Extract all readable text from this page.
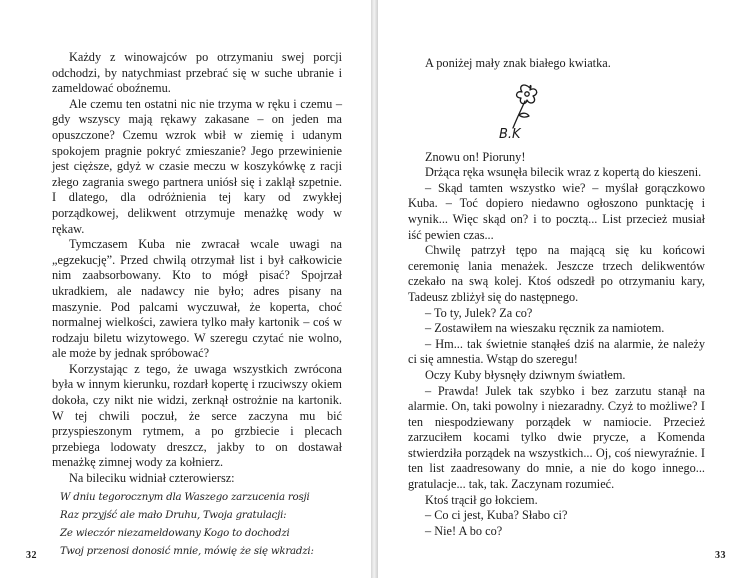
Każdy z winowajców po otrzymaniu swej porcji odchodzi, by natychmiast przebrać się w suche ubranie i zameldować oboźnemu.

Ale czemu ten ostatni nic nie trzyma w ręku i czemu – gdy wszyscy mają rękawy zakasane – on jeden ma opuszczone? Czemu wzrok wbił w ziemię i udanym spokojem pragnie pokryć zmieszanie? Jego przewinienie jest cięższe, gdyż w czasie meczu w koszykówkę z racji złego zagrania swego partnera uniósł się i zaklął szpetnie. I dlatego, dla odróżnienia tej kary od zwykłej porządkowej, delikwent otrzymuje menażkę wody w rękaw.

Tymczasem Kuba nie zwracał wcale uwagi na „egzekucję”. Przed chwilą otrzymał list i był całkowicie nim zaabsorbowany. Kto to mógł pisać? Spojrzał ukradkiem, ale nadawcy nie było; adres pisany na maszynie. Pod palcami wyczuwał, że koperta, choć normalnej wielkości, zawiera tylko mały kartonik – coś w rodzaju biletu wizytowego. W szeregu czytać nie wolno, ale może by jednak spróbować?

Korzystając z tego, że uwaga wszystkich zwrócona była w innym kierunku, rozdarł kopertę i rzuciwszy okiem dokoła, czy nikt nie widzi, zerknął ostrożnie na kartonik. W tej chwili poczuł, że serce zaczyna mu bić przyspieszonym rytmem, a po grzbiecie i plecach przebiega lodowaty dreszcz, jakby to on dostawał menażkę zimnej wody za kołnierz.

Na bileciku widniał czterowiersz:

W dniu tegorocznym dla Waszego zarzucenia rosji
Raz przyjść ale mało Druhu, Twoja gratulacji:
Ze wieczór niezameldowany Kogo to dochodzi
Twoj przenosi donosić mnie, mówię że się wkradzi:
32

A poniżej mały znak białego kwiatka.

B.K

Znowu on! Pioruny!

Drżąca ręka wsunęła bilecik wraz z kopertą do kieszeni.

– Skąd tamten wszystko wie? – myślał gorączkowo Kuba. – Toć dopiero niedawno ogłoszono punktację i wynik... Więc skąd on? i to pocztą... List przecież musiał iść pewien czas...

Chwilę patrzył tępo na mającą się ku końcowi ceremonię lania menażek. Jeszcze trzech delikwentów czekało na swą kolej. Ktoś odszedł po otrzymaniu kary, Tadeusz zbliżył się do następnego.

– To ty, Julek? Za co?

– Zostawiłem na wieszaku ręcznik za namiotem.

– Hm... tak świetnie stanąłeś dziś na alarmie, że należy ci się amnestia. Wstąp do szeregu!

Oczy Kuby błysnęły dziwnym światłem.

– Prawda! Julek tak szybko i bez zarzutu stanął na alarmie. On, taki powolny i niezaradny. Czyż to możliwe? I ten niespodziewany porządek w namiocie. Przecież zarzuciłem kocami tylko dwie prycze, a Komenda stwierdziła porządek na wszystkich... Oj, coś niewyraźnie. I ten list zaadresowany do mnie, a nie do kogo innego... gratulacje... tak, tak. Zaczynam rozumieć.

Ktoś trącił go łokciem.

– Co ci jest, Kuba? Słabo ci?

– Nie! A bo co?

33
